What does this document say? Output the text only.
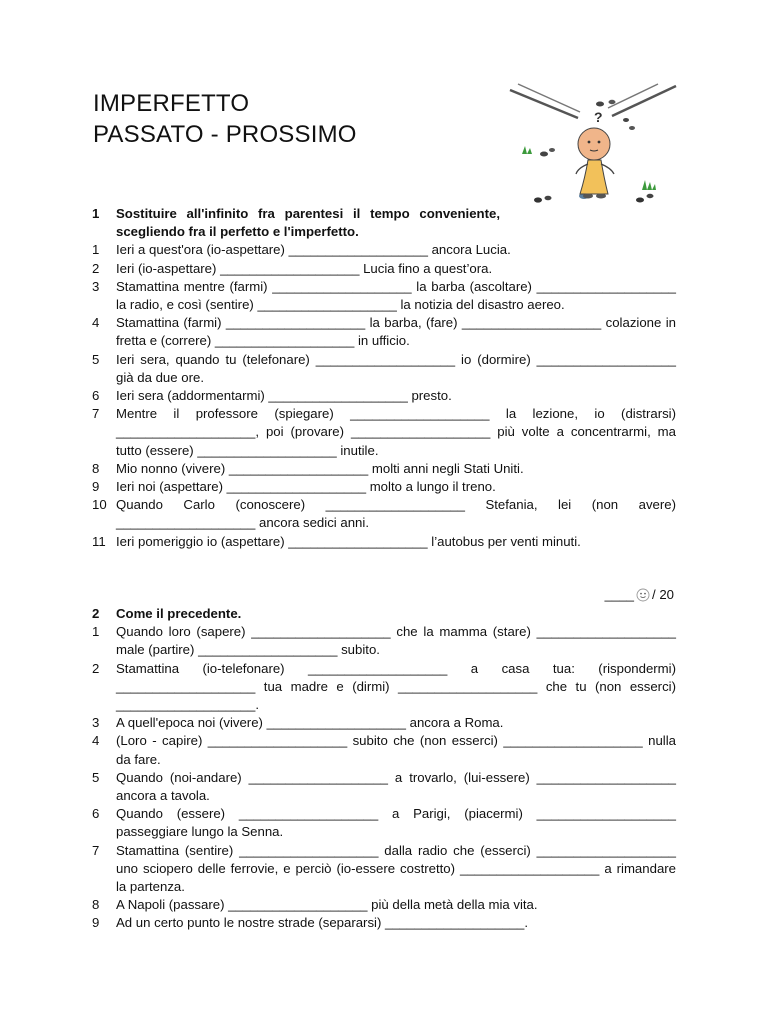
IMPERFETTO
PASSATO - PROSSIMO
?
1	Sostituire all'infinito fra parentesi il tempo conveniente, scegliendo fra il perfetto e l'imperfetto.
1	Ieri a quest'ora (io-aspettare) ___________________ ancora Lucia.
2	Ieri (io-aspettare) ___________________ Lucia fino a quest’ora.
3	Stamattina mentre (farmi) ___________________ la barba (ascoltare) ___________________ la radio, e così (sentire) ___________________ la notizia del disastro aereo.
4	Stamattina (farmi) ___________________ la barba, (fare) ___________________ colazione in fretta e (correre) ___________________ in ufficio.
5	Ieri sera, quando tu (telefonare) ___________________ io (dormire) ___________________ già da due ore.
6	Ieri sera (addormentarmi) ___________________ presto.
7	Mentre il professore (spiegare) ___________________ la lezione, io (distrarsi) ___________________, poi (provare) ___________________ più volte a concentrarmi, ma tutto (essere) ___________________ inutile.
8	Mio nonno (vivere) ___________________ molti anni negli Stati Uniti.
9	Ieri noi (aspettare) ___________________ molto a lungo il treno.
10 Quando Carlo (conoscere) ___________________ Stefania, lei (non avere) ___________________ ancora sedici anni.
11 Ieri pomeriggio io (aspettare) ___________________ l’autobus per venti minuti.
____ / 20
2	Come il precedente.
1	Quando loro (sapere) ___________________ che la mamma (stare) ___________________ male (partire) ___________________ subito.
2	Stamattina (io-telefonare) ___________________ a casa tua: (rispondermi) ___________________ tua madre e (dirmi) ___________________ che tu (non esserci) ___________________.
3	A quell'epoca noi (vivere) ___________________ ancora a Roma.
4	(Loro - capire) ___________________ subito che (non esserci) ___________________ nulla da fare.
5	Quando (noi-andare) ___________________ a trovarlo, (lui-essere) ___________________ ancora a tavola.
6	Quando (essere) ___________________ a Parigi, (piacermi) ___________________ passeggiare lungo la Senna.
7	Stamattina (sentire) ___________________ dalla radio che (esserci) ___________________ uno sciopero delle ferrovie, e perciò (io-essere costretto) ___________________ a rimandare la partenza.
8	A Napoli (passare) ___________________ più della metà della mia vita.
9	Ad un certo punto le nostre strade (separarsi) ___________________.
